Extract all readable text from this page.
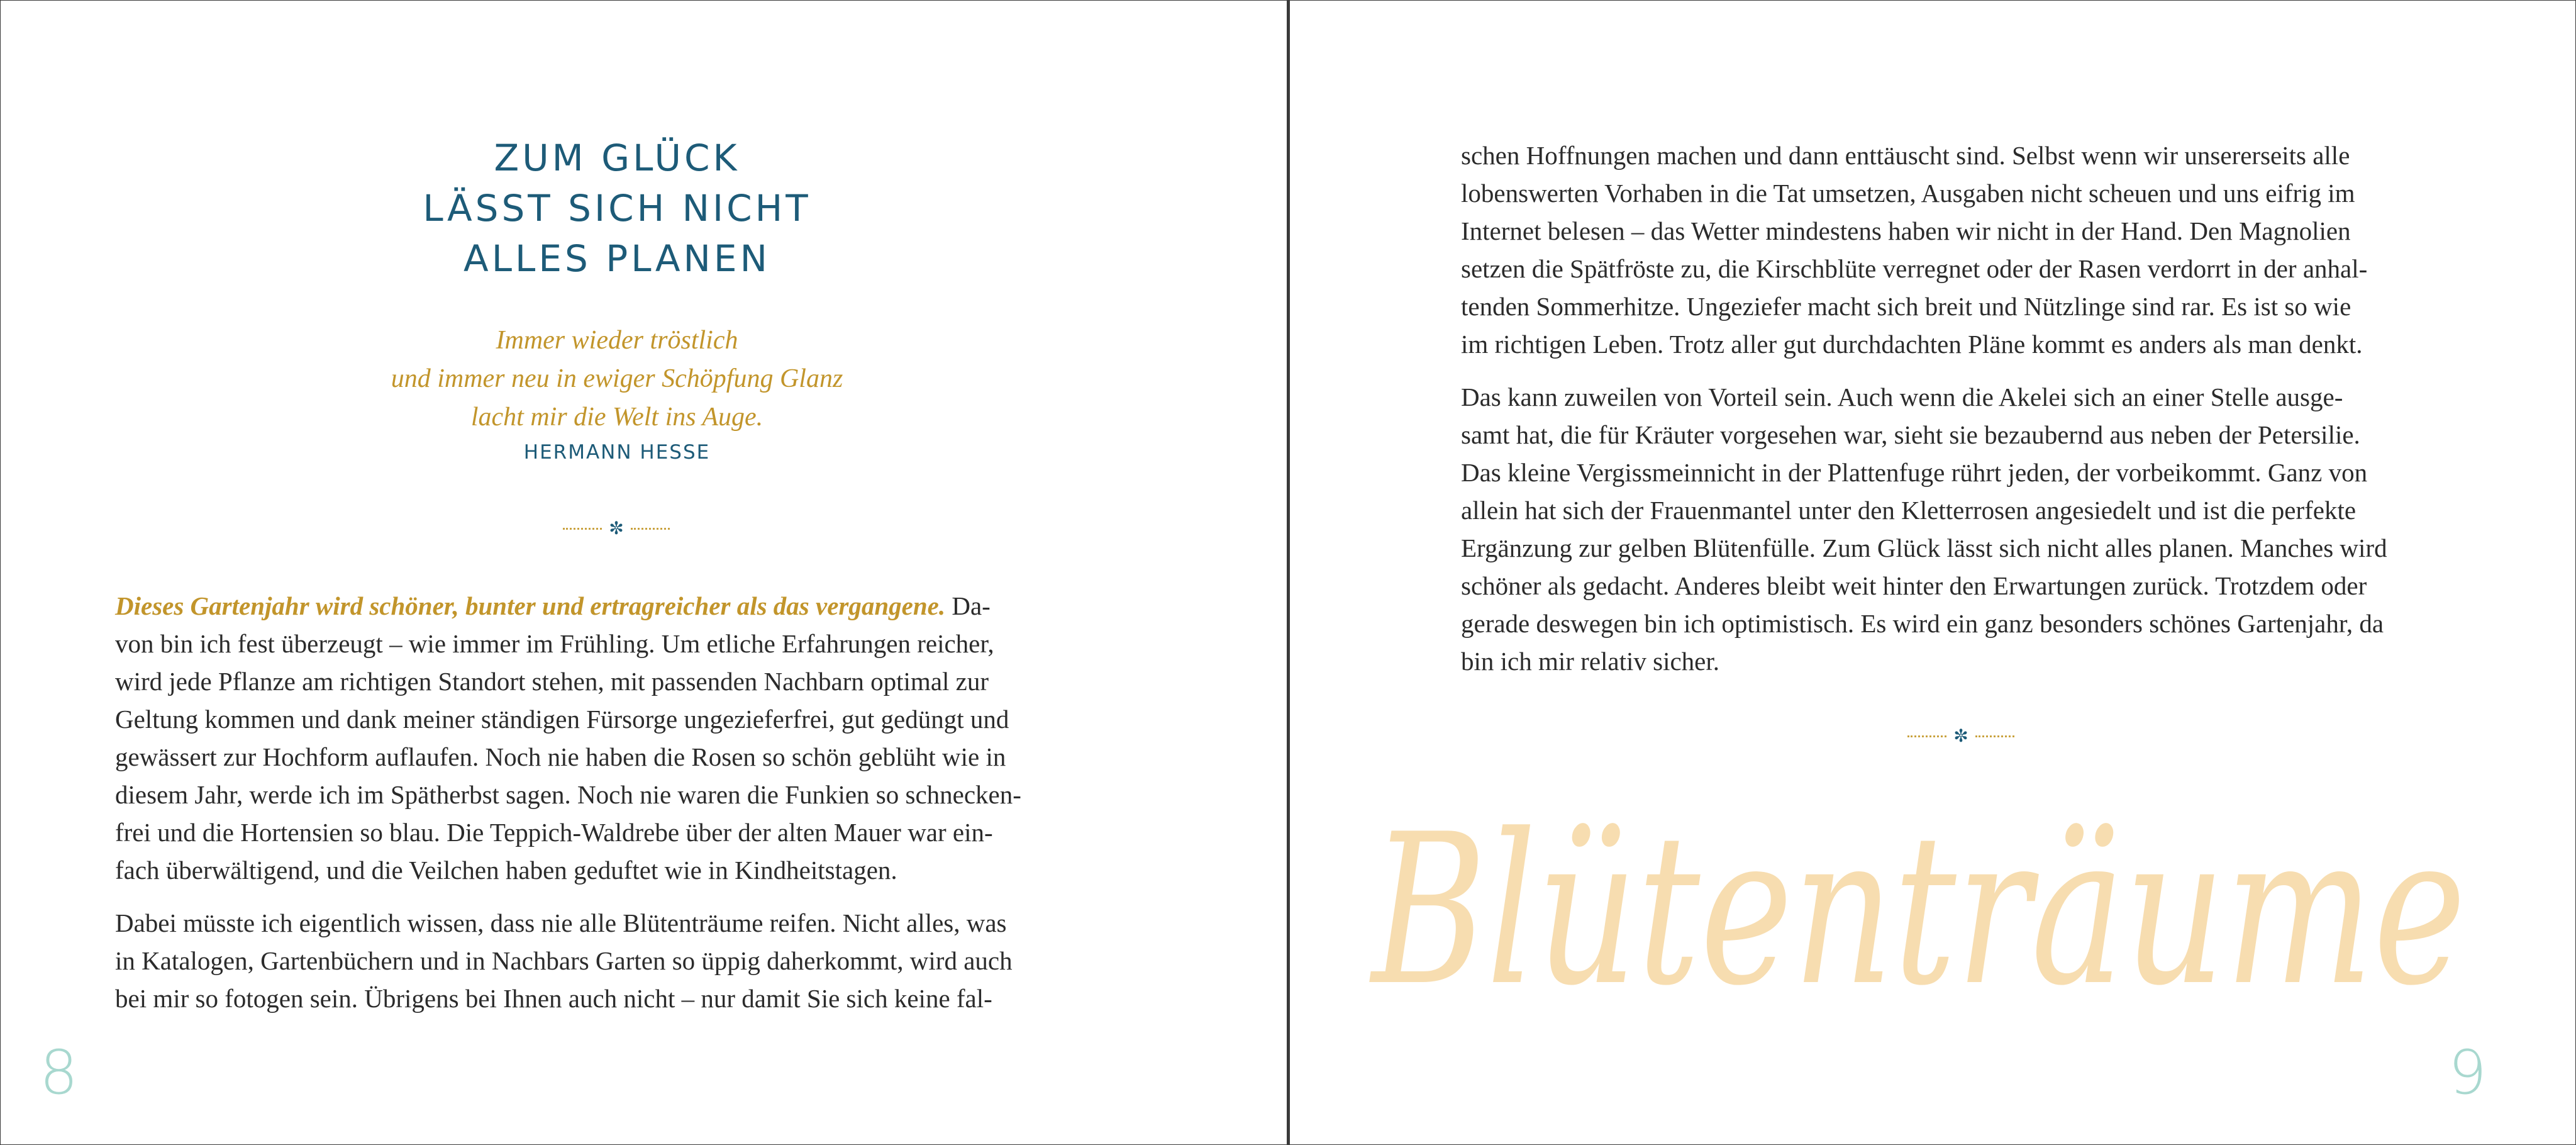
ZUM GLÜCK
LÄSST SICH NICHT
ALLES PLANEN
Immer wieder tröstlich
und immer neu in ewiger Schöpfung Glanz
lacht mir die Welt ins Auge.
HERMANN HESSE
✼
Dieses Gartenjahr wird schöner, bunter und ertragreicher als das vergangene. Da-
von bin ich fest überzeugt – wie immer im Frühling. Um etliche Erfahrungen reicher,
wird jede Pflanze am richtigen Standort stehen, mit passenden Nachbarn optimal zur
Geltung kommen und dank meiner ständigen Fürsorge ungezieferfrei, gut gedüngt und
gewässert zur Hochform auflaufen. Noch nie haben die Rosen so schön geblüht wie in
diesem Jahr, werde ich im Spätherbst sagen. Noch nie waren die Funkien so schnecken-
frei und die Hortensien so blau. Die Teppich-Waldrebe über der alten Mauer war ein-
fach überwältigend, und die Veilchen haben geduftet wie in Kindheitstagen.
Dabei müsste ich eigentlich wissen, dass nie alle Blütenträume reifen. Nicht alles, was
in Katalogen, Gartenbüchern und in Nachbars Garten so üppig daherkommt, wird auch
bei mir so fotogen sein. Übrigens bei Ihnen auch nicht – nur damit Sie sich keine fal-
8
schen Hoffnungen machen und dann enttäuscht sind. Selbst wenn wir unsererseits alle
lobenswerten Vorhaben in die Tat umsetzen, Ausgaben nicht scheuen und uns eifrig im
Internet belesen – das Wetter mindestens haben wir nicht in der Hand. Den Magnolien
setzen die Spätfröste zu, die Kirschblüte verregnet oder der Rasen verdorrt in der anhal-
tenden Sommerhitze. Ungeziefer macht sich breit und Nützlinge sind rar. Es ist so wie
im richtigen Leben. Trotz aller gut durchdachten Pläne kommt es anders als man denkt.
Das kann zuweilen von Vorteil sein. Auch wenn die Akelei sich an einer Stelle ausge-
samt hat, die für Kräuter vorgesehen war, sieht sie bezaubernd aus neben der Petersilie.
Das kleine Vergissmeinnicht in der Plattenfuge rührt jeden, der vorbeikommt. Ganz von
allein hat sich der Frauenmantel unter den Kletterrosen angesiedelt und ist die perfekte
Ergänzung zur gelben Blütenfülle. Zum Glück lässt sich nicht alles planen. Manches wird
schöner als gedacht. Anderes bleibt weit hinter den Erwartungen zurück. Trotzdem oder
gerade deswegen bin ich optimistisch. Es wird ein ganz besonders schönes Gartenjahr, da
bin ich mir relativ sicher.
✼
Blütenträume
9
